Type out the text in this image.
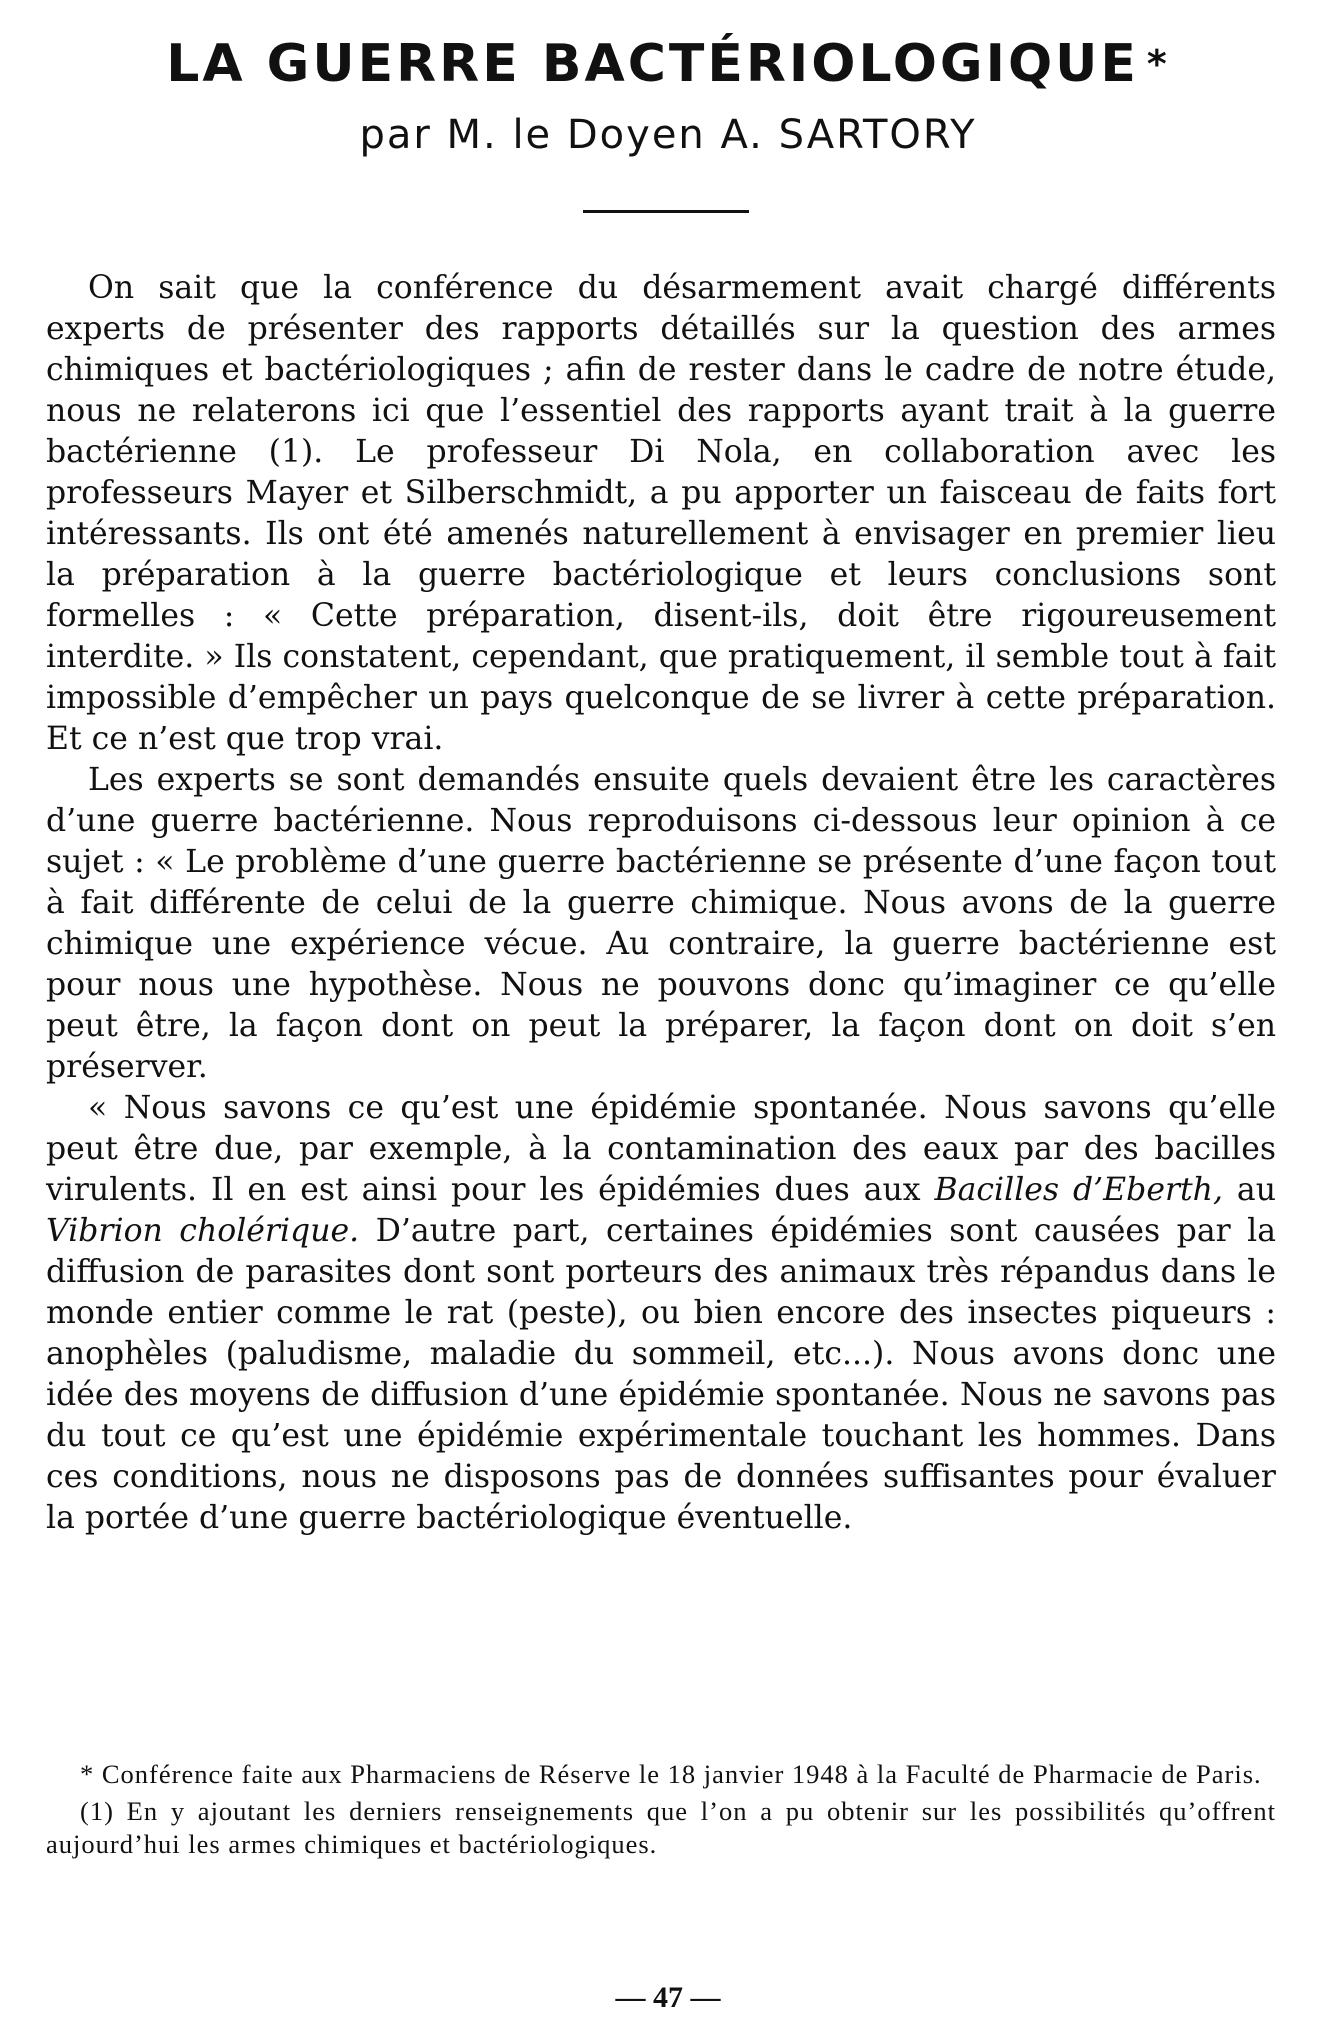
LA GUERRE BACTÉRIOLOGIQUE *

par M. le Doyen A. SARTORY

On sait que la conférence du désarmement avait chargé différents experts de présenter des rapports détaillés sur la question des armes chimiques et bactériologiques ; afin de rester dans le cadre de notre étude, nous ne relaterons ici que l’essentiel des rapports ayant trait à la guerre bactérienne (1). Le professeur Di Nola, en collaboration avec les professeurs Mayer et Silberschmidt, a pu apporter un faisceau de faits fort intéressants. Ils ont été amenés naturellement à envisager en premier lieu la préparation à la guerre bactériologique et leurs conclusions sont formelles : « Cette préparation, disent-ils, doit être rigoureusement interdite. » Ils constatent, cependant, que pratiquement, il semble tout à fait impossible d’empêcher un pays quelconque de se livrer à cette préparation. Et ce n’est que trop vrai.

Les experts se sont demandés ensuite quels devaient être les caractères d’une guerre bactérienne. Nous reproduisons ci-dessous leur opinion à ce sujet : « Le problème d’une guerre bactérienne se présente d’une façon tout à fait différente de celui de la guerre chimique. Nous avons de la guerre chimique une expérience vécue. Au contraire, la guerre bactérienne est pour nous une hypothèse. Nous ne pouvons donc qu’imaginer ce qu’elle peut être, la façon dont on peut la préparer, la façon dont on doit s’en préserver.

« Nous savons ce qu’est une épidémie spontanée. Nous savons qu’elle peut être due, par exemple, à la contamination des eaux par des bacilles virulents. Il en est ainsi pour les épidémies dues aux Bacilles d’Eberth, au Vibrion cholérique. D’autre part, certaines épidémies sont causées par la diffusion de parasites dont sont porteurs des animaux très répandus dans le monde entier comme le rat (peste), ou bien encore des insectes piqueurs : anophèles (paludisme, maladie du sommeil, etc...). Nous avons donc une idée des moyens de diffusion d’une épidémie spontanée. Nous ne savons pas du tout ce qu’est une épidémie expérimentale touchant les hommes. Dans ces conditions, nous ne disposons pas de données suffisantes pour évaluer la portée d’une guerre bactériologique éventuelle.

* Conférence faite aux Pharmaciens de Réserve le 18 janvier 1948 à la Faculté de Pharmacie de Paris.

(1) En y ajoutant les derniers renseignements que l’on a pu obtenir sur les possibilités qu’offrent aujourd’hui les armes chimiques et bactériologiques.

— 47 —
